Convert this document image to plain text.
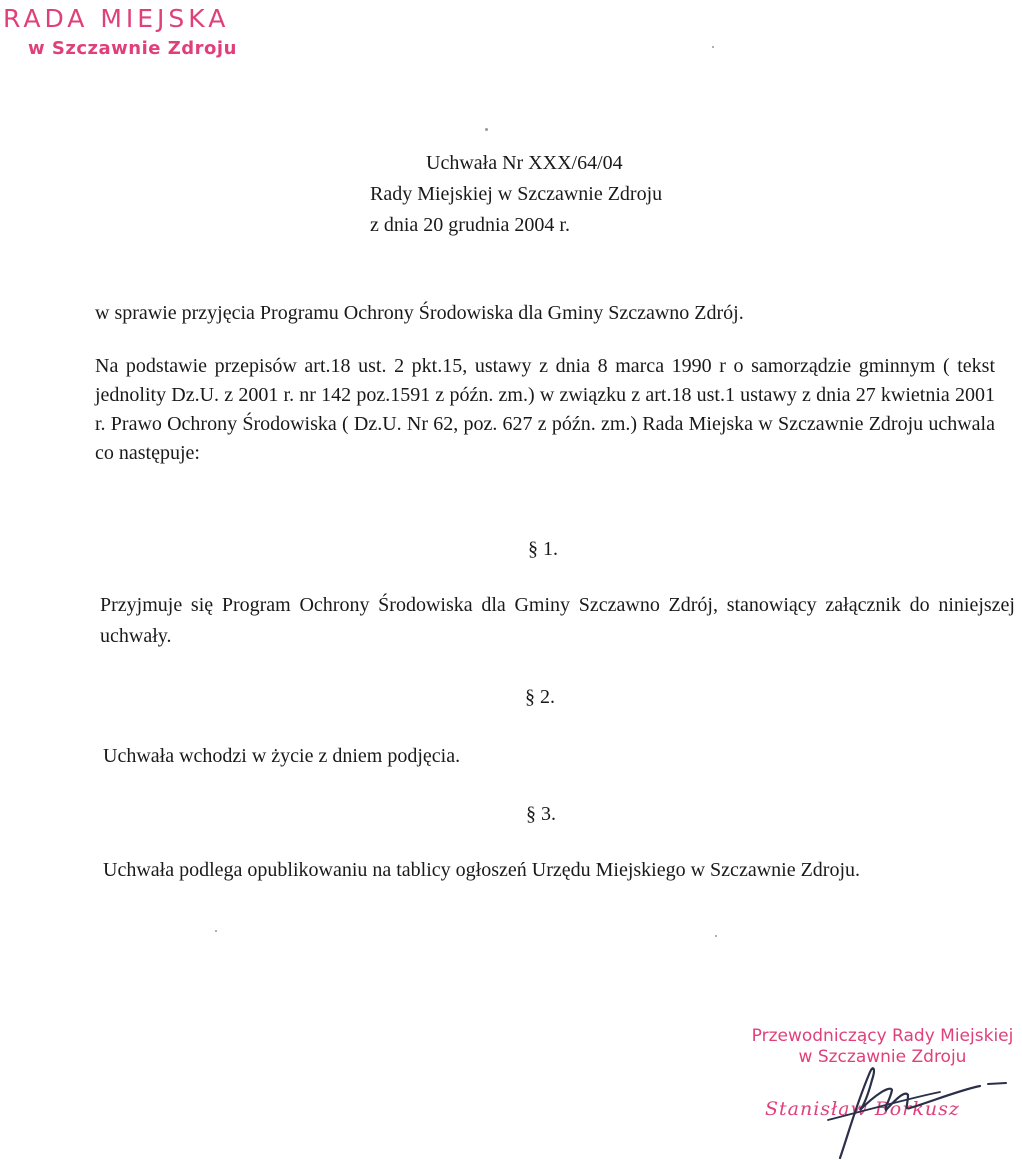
RADA MIEJSKA
w Szczawnie Zdroju
Uchwała Nr XXX/64/04
Rady Miejskiej w Szczawnie Zdroju
z dnia 20 grudnia 2004 r.
w sprawie przyjęcia Programu Ochrony Środowiska dla Gminy Szczawno Zdrój.
Na podstawie przepisów art.18 ust. 2 pkt.15, ustawy z dnia 8 marca 1990 r o samorządzie gminnym ( tekst jednolity Dz.U. z 2001 r. nr 142 poz.1591 z późn. zm.) w związku z art.18 ust.1 ustawy z dnia 27 kwietnia 2001 r. Prawo Ochrony Środowiska ( Dz.U. Nr 62, poz. 627 z późn. zm.) Rada Miejska w Szczawnie Zdroju uchwala co następuje:
§ 1.
Przyjmuje się Program Ochrony Środowiska dla Gminy Szczawno Zdrój, stanowiący załącznik do niniejszej uchwały.
§ 2.
Uchwała wchodzi w życie z dniem podjęcia.
§ 3.
Uchwała podlega opublikowaniu na tablicy ogłoszeń Urzędu Miejskiego w Szczawnie Zdroju.
Przewodniczący Rady Miejskiej
w Szczawnie Zdroju
Stanisław Borkusz
